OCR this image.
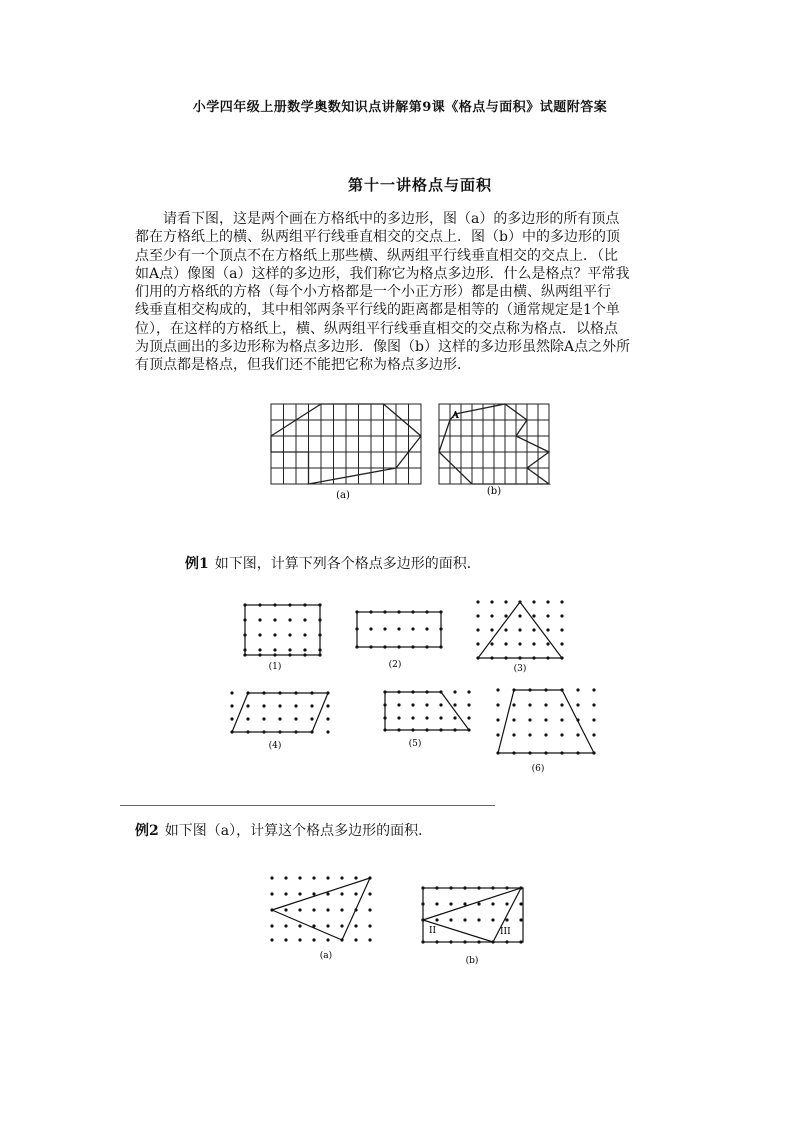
小学四年级上册数学奥数知识点讲解第9课《格点与面积》试题附答案
第十一讲格点与面积

请看下图，这是两个画在方格纸中的多边形，图（a）的多边形的所有顶点
都在方格纸上的横、纵两组平行线垂直相交的交点上．图（b）中的多边形的顶
点至少有一个顶点不在方格纸上那些横、纵两组平行线垂直相交的交点上．（比
如A点）像图（a）这样的多边形，我们称它为格点多边形．什么是格点？平常我
们用的方格纸的方格（每个小方格都是一个小正方形）都是由横、纵两组平行
线垂直相交构成的，其中相邻两条平行线的距离都是相等的（通常规定是1个单
位），在这样的方格纸上，横、纵两组平行线垂直相交的交点称为格点．以格点
为顶点画出的多边形称为格点多边形．像图（b）这样的多边形虽然除A点之外所
有顶点都是格点，但我们还不能把它称为格点多边形．

(a)
A
(b)
例1 如下图，计算下列各个格点多边形的面积．
(1)	(2)	(3)
(4)	(5)
(6)
例2 如下图（a），计算这个格点多边形的面积．
(a)
II	III
(b)
